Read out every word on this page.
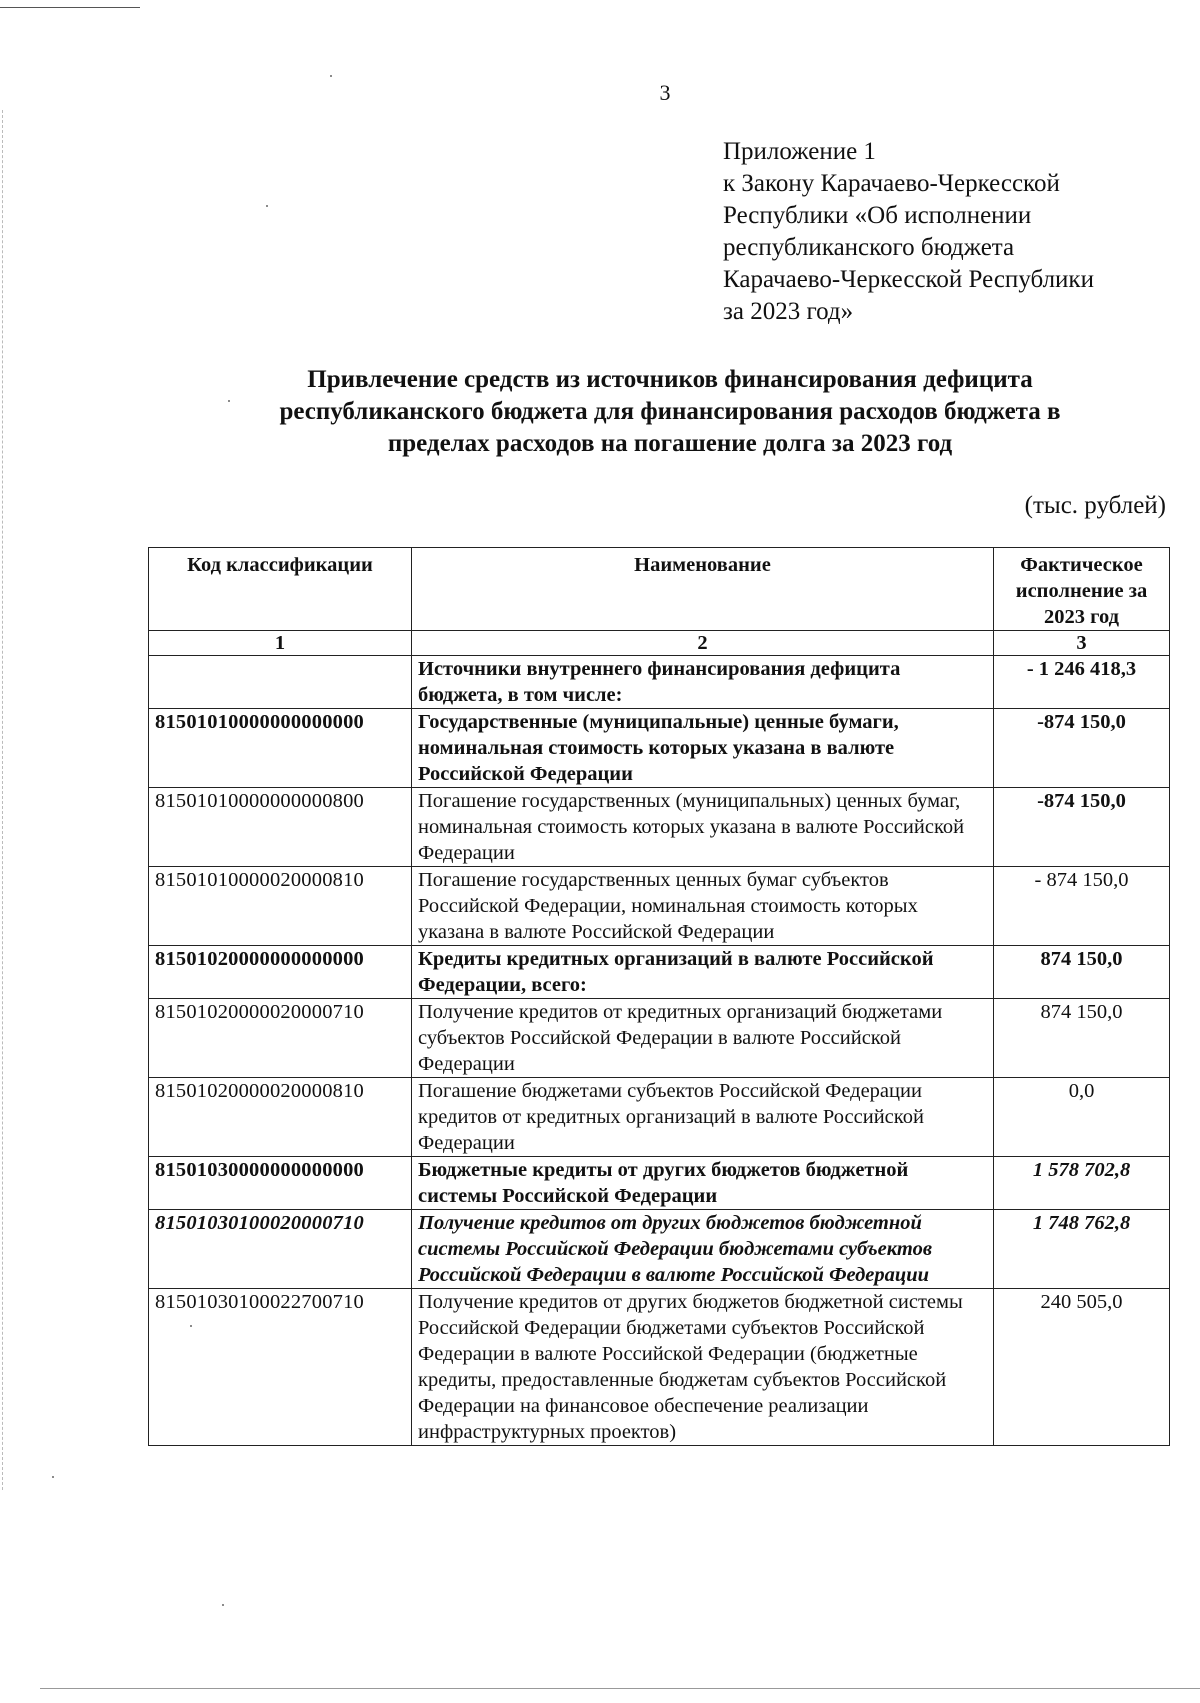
3
Приложение 1
к Закону Карачаево-Черкесской
Республики «Об исполнении
республиканского бюджета
Карачаево-Черкесской Республики
за 2023 год»
Привлечение средств из источников финансирования дефицита
республиканского бюджета для финансирования расходов бюджета в
пределах расходов на погашение долга за 2023 год
(тыс. рублей)
Код классификации	Наименование	Фактическое исполнение за 2023 год
1	2	3
	Источники внутреннего финансирования дефицита бюджета, в том числе:	- 1 246 418,3
81501010000000000000	Государственные (муниципальные) ценные бумаги, номинальная стоимость которых указана в валюте Российской Федерации	-874 150,0
81501010000000000800	Погашение государственных (муниципальных) ценных бумаг, номинальная стоимость которых указана в валюте Российской Федерации	-874 150,0
81501010000020000810	Погашение государственных ценных бумаг субъектов Российской Федерации, номинальная стоимость которых указана в валюте Российской Федерации	- 874 150,0
81501020000000000000	Кредиты кредитных организаций в валюте Российской Федерации, всего:	874 150,0
81501020000020000710	Получение кредитов от кредитных организаций бюджетами субъектов Российской Федерации в валюте Российской Федерации	874 150,0
81501020000020000810	Погашение бюджетами субъектов Российской Федерации кредитов от кредитных организаций в валюте Российской Федерации	0,0
81501030000000000000	Бюджетные кредиты от других бюджетов бюджетной системы Российской Федерации	1 578 702,8
81501030100020000710	Получение кредитов от других бюджетов бюджетной системы Российской Федерации бюджетами субъектов Российской Федерации в валюте Российской Федерации	1 748 762,8
81501030100022700710	Получение кредитов от других бюджетов бюджетной системы Российской Федерации бюджетами субъектов Российской Федерации в валюте Российской Федерации (бюджетные кредиты, предоставленные бюджетам субъектов Российской Федерации на финансовое обеспечение реализации инфраструктурных проектов)	240 505,0
